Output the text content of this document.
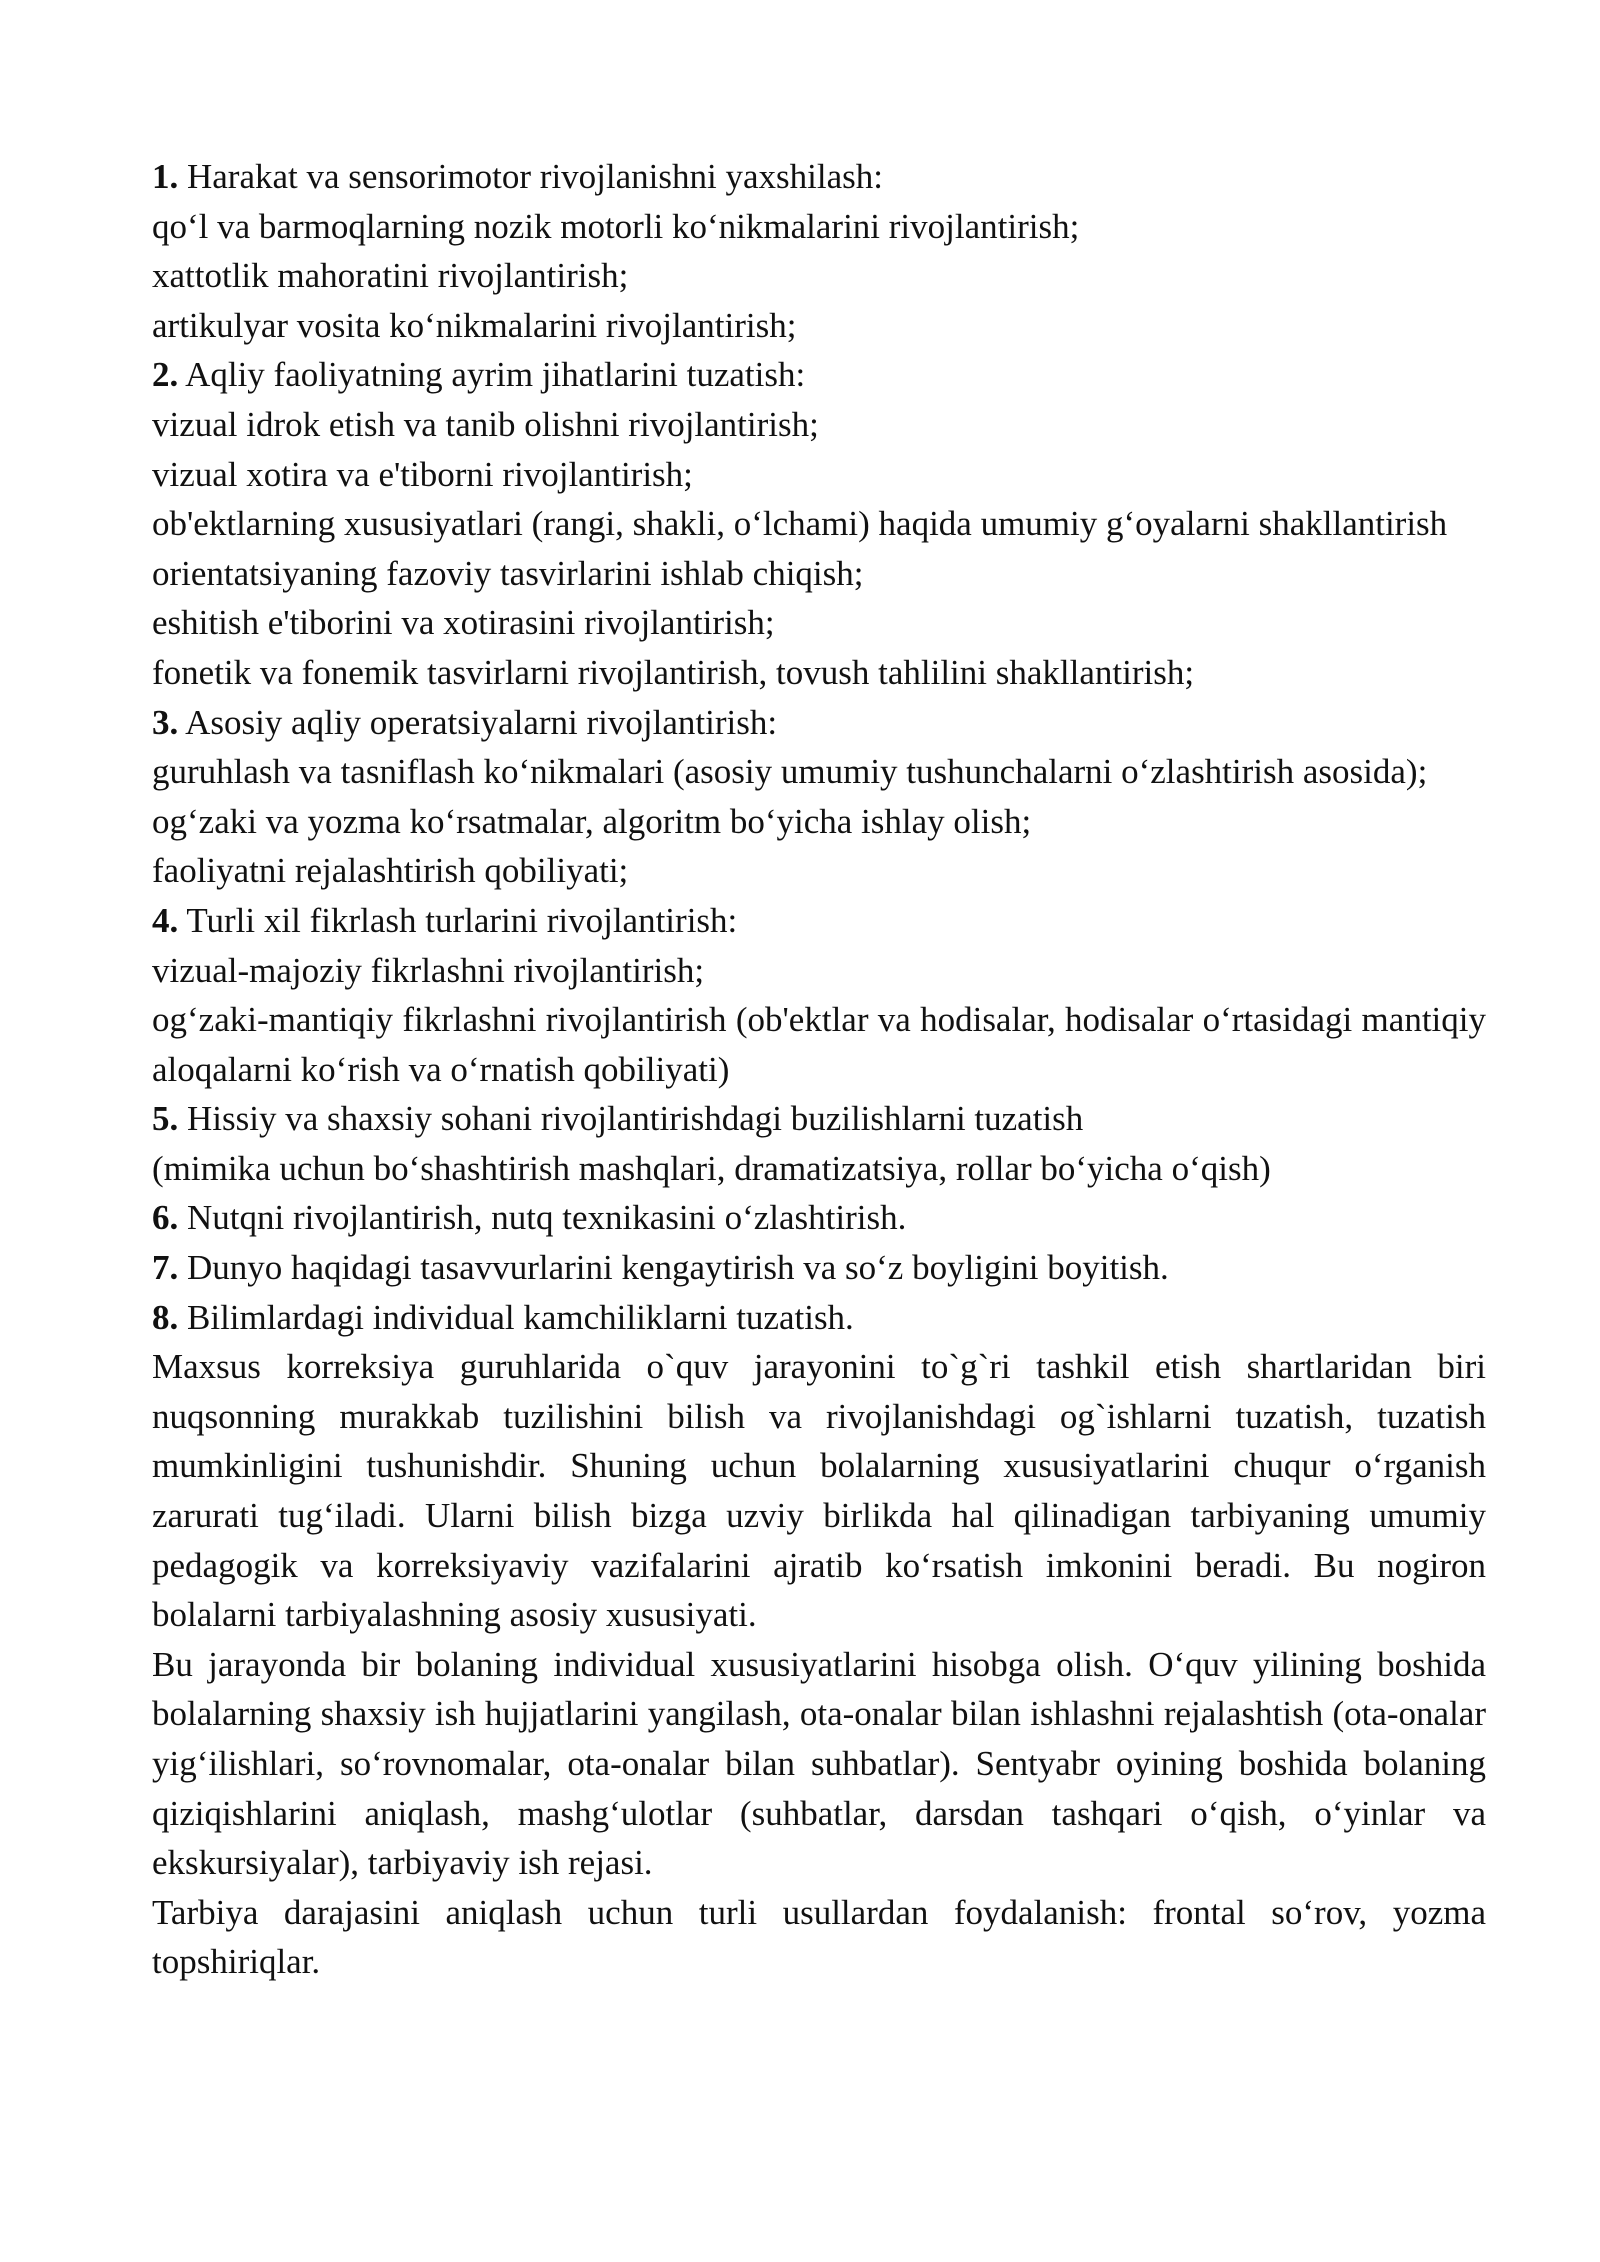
1. Harakat va sensorimotor rivojlanishni yaxshilash:

qoʻl va barmoqlarning nozik motorli koʻnikmalarini rivojlantirish;

xattotlik mahoratini rivojlantirish;

artikulyar vosita koʻnikmalarini rivojlantirish;

2. Aqliy faoliyatning ayrim jihatlarini tuzatish:

vizual idrok etish va tanib olishni rivojlantirish;

vizual xotira va e'tiborni rivojlantirish;

ob'ektlarning xususiyatlari (rangi, shakli, oʻlchami) haqida umumiy gʻoyalarni shakllantirish

orientatsiyaning fazoviy tasvirlarini ishlab chiqish;

eshitish e'tiborini va xotirasini rivojlantirish;

fonetik va fonemik tasvirlarni rivojlantirish, tovush tahlilini shakllantirish;

3. Asosiy aqliy operatsiyalarni rivojlantirish:

guruhlash va tasniflash koʻnikmalari (asosiy umumiy tushunchalarni oʻzlashtirish asosida);

ogʻzaki va yozma koʻrsatmalar, algoritm boʻyicha ishlay olish;

faoliyatni rejalashtirish qobiliyati;

4. Turli xil fikrlash turlarini rivojlantirish:

vizual-majoziy fikrlashni rivojlantirish;

ogʻzaki-mantiqiy fikrlashni rivojlantirish (ob'ektlar va hodisalar, hodisalar oʻrtasidagi mantiqiy aloqalarni koʻrish va oʻrnatish qobiliyati)

5. Hissiy va shaxsiy sohani rivojlantirishdagi buzilishlarni tuzatish

(mimika uchun boʻshashtirish mashqlari, dramatizatsiya, rollar boʻyicha oʻqish)

6. Nutqni rivojlantirish, nutq texnikasini oʻzlashtirish.

7. Dunyo haqidagi tasavvurlarini kengaytirish va soʻz boyligini boyitish.

8. Bilimlardagi individual kamchiliklarni tuzatish.

Maxsus korreksiya guruhlarida o`quv jarayonini to`g`ri tashkil etish shartlaridan biri nuqsonning murakkab tuzilishini bilish va rivojlanishdagi og`ishlarni tuzatish, tuzatish mumkinligini tushunishdir. Shuning uchun bolalarning xususiyatlarini chuqur oʻrganish zarurati tugʻiladi. Ularni bilish bizga uzviy birlikda hal qilinadigan tarbiyaning umumiy pedagogik va korreksiyaviy vazifalarini ajratib koʻrsatish imkonini beradi. Bu nogiron bolalarni tarbiyalashning asosiy xususiyati.

Bu jarayonda bir bolaning individual xususiyatlarini hisobga olish. Oʻquv yilining boshida bolalarning shaxsiy ish hujjatlarini yangilash, ota-onalar bilan ishlashni rejalashtish (ota-onalar yigʻilishlari, soʻrovnomalar, ota-onalar bilan suhbatlar). Sentyabr oyining boshida bolaning qiziqishlarini aniqlash, mashgʻulotlar (suhbatlar, darsdan tashqari oʻqish, oʻyinlar va ekskursiyalar), tarbiyaviy ish rejasi.

Tarbiya darajasini aniqlash uchun turli usullardan foydalanish: frontal soʻrov, yozma topshiriqlar.
